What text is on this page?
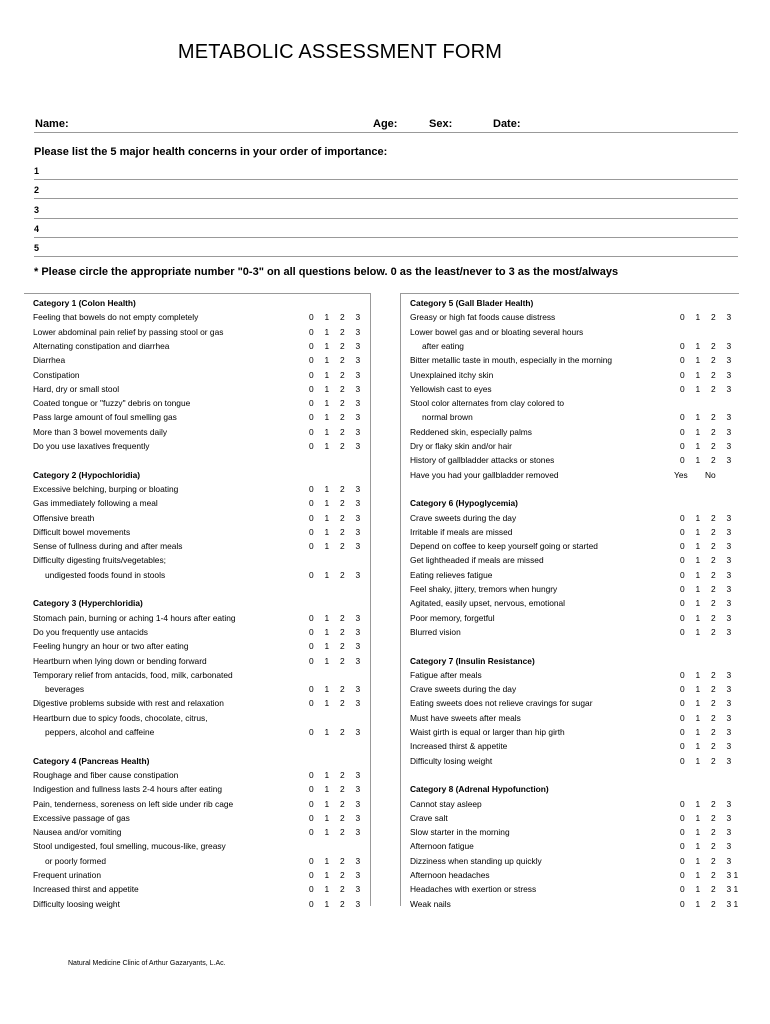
METABOLIC ASSESSMENT FORM
Name:	Age:	Sex:	Date:
Please list the 5 major health concerns in your order of importance:
1
2
3
4
5
* Please circle the appropriate number "0-3" on all questions below. 0 as the least/never to 3 as the most/always
Category 1 (Colon Health)
Feeling that bowels do not empty completely	0 1 2 3
Lower abdominal pain relief by passing stool or gas	0 1 2 3
Alternating constipation and diarrhea	0 1 2 3
Diarrhea	0 1 2 3
Constipation	0 1 2 3
Hard, dry or small stool	0 1 2 3
Coated tongue or "fuzzy" debris on tongue	0 1 2 3
Pass large amount of foul smelling gas	0 1 2 3
More than 3 bowel movements daily	0 1 2 3
Do you use laxatives frequently	0 1 2 3
Category 2 (Hypochloridia)
Excessive belching, burping or bloating	0 1 2 3
Gas immediately following a meal	0 1 2 3
Offensive breath	0 1 2 3
Difficult bowel movements	0 1 2 3
Sense of fullness during and after meals	0 1 2 3
Difficulty digesting fruits/vegetables;
undigested foods found in stools	0 1 2 3
Category 3 (Hyperchloridia)
Stomach pain, burning or aching 1-4 hours after eating	0 1 2 3
Do you frequently use antacids	0 1 2 3
Feeling hungry an hour or two after eating	0 1 2 3
Heartburn when lying down or bending forward	0 1 2 3
Temporary relief from antacids, food, milk, carbonated
beverages	0 1 2 3
Digestive problems subside with rest and relaxation	0 1 2 3
Heartburn due to spicy foods, chocolate, citrus,
peppers, alcohol and caffeine	0 1 2 3
Category 4 (Pancreas Health)
Roughage and fiber cause constipation	0 1 2 3
Indigestion and fullness lasts 2-4 hours after eating	0 1 2 3
Pain, tenderness, soreness on left side under rib cage	0 1 2 3
Excessive passage of gas	0 1 2 3
Nausea and/or vomiting	0 1 2 3
Stool undigested, foul smelling, mucous-like, greasy
or poorly formed	0 1 2 3
Frequent urination	0 1 2 3
Increased thirst and appetite	0 1 2 3
Difficulty loosing weight	0 1 2 3
Category 5 (Gall Blader Health)
Greasy or high fat foods cause distress	0 1 2 3
Lower bowel gas and or bloating several hours
after eating	0 1 2 3
Bitter metallic taste in mouth, especially in the morning	0 1 2 3
Unexplained itchy skin	0 1 2 3
Yellowish cast to eyes	0 1 2 3
Stool color alternates from clay colored to
normal brown	0 1 2 3
Reddened skin, especially palms	0 1 2 3
Dry or flaky skin and/or hair	0 1 2 3
History of gallbladder attacks or stones	0 1 2 3
Have you had your gallbladder removed	Yes No
Category 6 (Hypoglycemia)
Crave sweets during the day	0 1 2 3
Irritable if meals are missed	0 1 2 3
Depend on coffee to keep yourself going or started	0 1 2 3
Get lightheaded if meals are missed	0 1 2 3
Eating relieves fatigue	0 1 2 3
Feel shaky, jittery, tremors when hungry	0 1 2 3
Agitated, easily upset, nervous, emotional	0 1 2 3
Poor memory, forgetful	0 1 2 3
Blurred vision	0 1 2 3
Category 7 (Insulin Resistance)
Fatigue after meals	0 1 2 3
Crave sweets during the day	0 1 2 3
Eating sweets does not relieve cravings for sugar	0 1 2 3
Must have sweets after meals	0 1 2 3
Waist girth is equal or larger than hip girth	0 1 2 3
Increased thirst & appetite	0 1 2 3
Difficulty losing weight	0 1 2 3
Category 8 (Adrenal Hypofunction)
Cannot stay asleep	0 1 2 3
Crave salt	0 1 2 3
Slow starter in the morning	0 1 2 3
Afternoon fatigue	0 1 2 3
Dizziness when standing up quickly	0 1 2 3
Afternoon headaches	0 1 2 3 1
Headaches with exertion or stress	0 1 2 3 1
Weak nails	0 1 2 3 1
Natural Medicine Clinic of Arthur Gazaryants, L.Ac.
